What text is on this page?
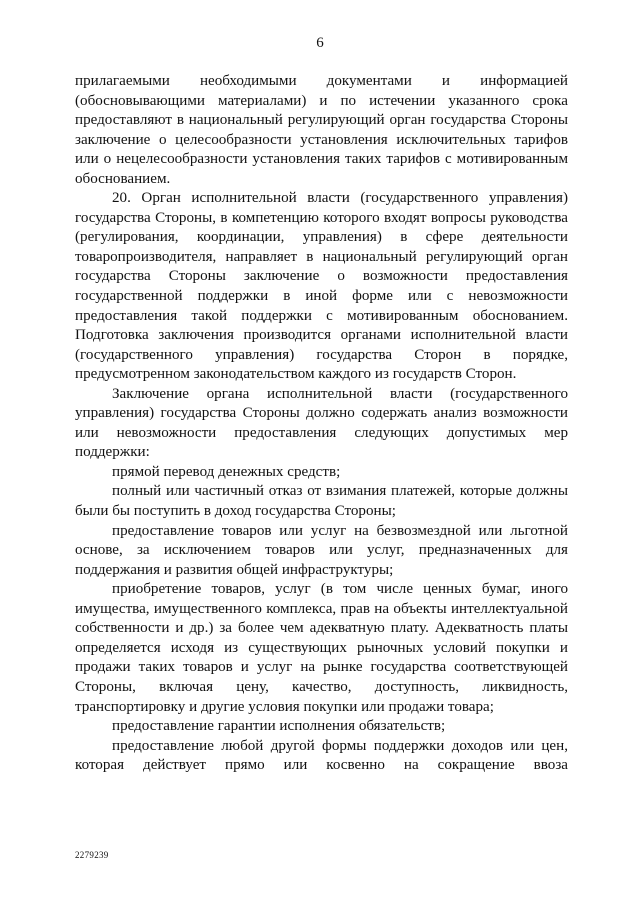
6

прилагаемыми необходимыми документами и информацией (обосновывающими материалами) и по истечении указанного срока предоставляют в национальный регулирующий орган государства Стороны заключение о целесообразности установления исключительных тарифов или о нецелесообразности установления таких тарифов с мотивированным обоснованием.

20. Орган исполнительной власти (государственного управления) государства Стороны, в компетенцию которого входят вопросы руководства (регулирования, координации, управления) в сфере деятельности товаропроизводителя, направляет в национальный регулирующий орган государства Стороны заключение о возможности предоставления государственной поддержки в иной форме или с невозможности предоставления такой поддержки с мотивированным обоснованием. Подготовка заключения производится органами исполнительной власти (государственного управления) государства Сторон в порядке, предусмотренном законодательством каждого из государств Сторон.

Заключение органа исполнительной власти (государственного управления) государства Стороны должно содержать анализ возможности или невозможности предоставления следующих допустимых мер поддержки:

прямой перевод денежных средств;

полный или частичный отказ от взимания платежей, которые должны были бы поступить в доход государства Стороны;

предоставление товаров или услуг на безвозмездной или льготной основе, за исключением товаров или услуг, предназначенных для поддержания и развития общей инфраструктуры;

приобретение товаров, услуг (в том числе ценных бумаг, иного имущества, имущественного комплекса, прав на объекты интеллектуальной собственности и др.) за более чем адекватную плату. Адекватность платы определяется исходя из существующих рыночных условий покупки и продажи таких товаров и услуг на рынке государства соответствующей Стороны, включая цену, качество, доступность, ликвидность, транспортировку и другие условия покупки или продажи товара;

предоставление гарантии исполнения обязательств;

предоставление любой другой формы поддержки доходов или цен, которая действует прямо или косвенно на сокращение ввоза

2279239
